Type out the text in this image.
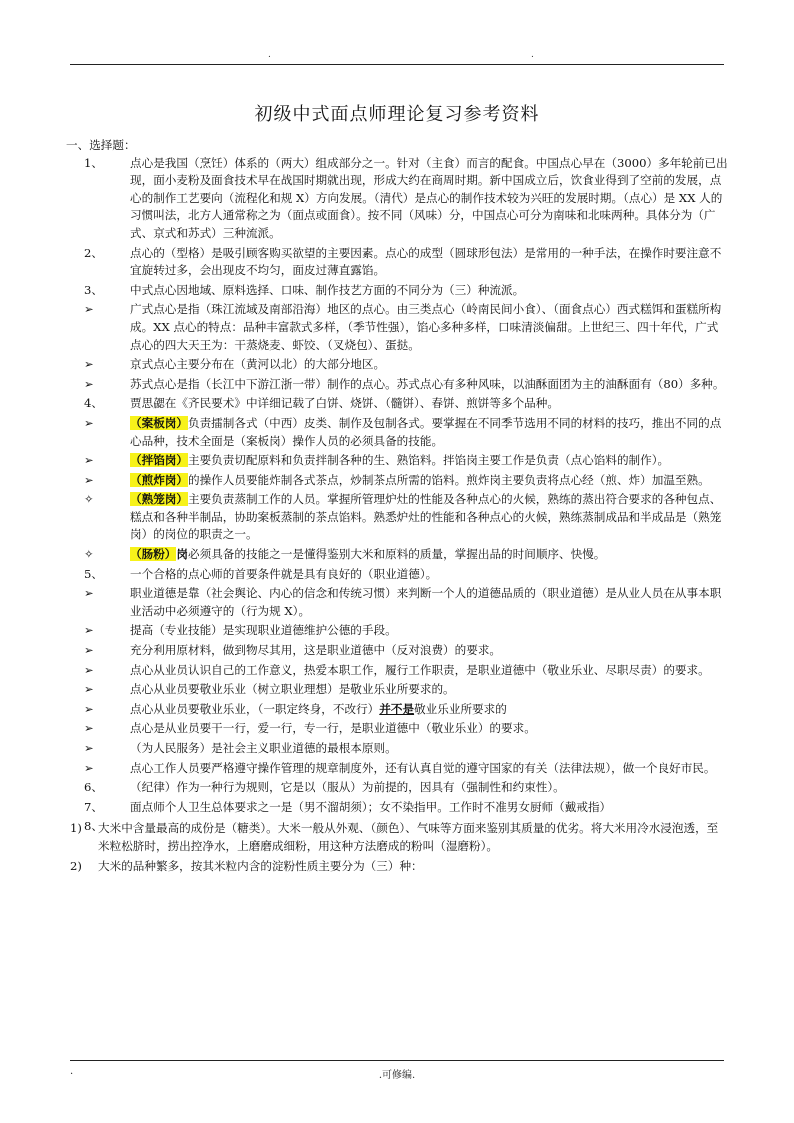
.	.
初级中式面点师理论复习参考资料
一、选择题：
1、 点心是我国（烹饪）体系的（两大）组成部分之一。针对（主食）而言的配食。中国点心早在（3000）多年轮前已出现，面小麦粉及面食技术早在战国时期就出现，形成大约在商周时期。新中国成立后，饮食业得到了空前的发展，点心的制作工艺要向（流程化和规 X）方向发展。（清代）是点心的制作技术较为兴旺的发展时期。（点心）是 XX 人的习惯叫法，北方人通常称之为（面点或面食）。按不同（风味）分，中国点心可分为南味和北味两种。具体分为（广式、京式和苏式）三种流派。
2、 点心的（型格）是吸引顾客购买欲望的主要因素。点心的成型（圆球形包法）是常用的一种手法，在操作时要注意不宜旋转过多，会出现皮不均匀，面皮过薄直露馅。
3、 中式点心因地域、原料选择、口味、制作技艺方面的不同分为（三）种流派。
➢	广式点心是指（珠江流域及南部沿海）地区的点心。由三类点心（岭南民间小食）、（面食点心）西式糕饵和蛋糕所构成。XX 点心的特点：品种丰富款式多样，（季节性强），馅心多种多样，口味清淡偏甜。上世纪三、四十年代，广式点心的四大天王为：干蒸烧麦、虾饺、（叉烧包）、蛋挞。
➢	京式点心主要分布在（黄河以北）的大部分地区。
➢	苏式点心是指（长江中下游江浙一带）制作的点心。苏式点心有多种风味，以油酥面团为主的油酥面有（80）多种。
4、 贾思勰在《齐民要术》中详细记载了白饼、烧饼、（髓饼）、春饼、煎饼等多个品种。
➢	（案板岗）负责擂制各式（中西）皮类、制作及包制各式。要掌握在不同季节选用不同的材料的技巧，推出不同的点心品种，技术全面是（案板岗）操作人员的必须具备的技能。
➢	（拌馅岗）主要负责切配原料和负责拌制各种的生、熟馅料。拌馅岗主要工作是负责（点心馅料的制作）。
➢	（煎炸岗）的操作人员要能炸制各式茶点，炒制茶点所需的馅料。煎炸岗主要负责将点心经（煎、炸）加温至熟。
✧	（熟笼岗）主要负责蒸制工作的人员。掌握所管理炉灶的性能及各种点心的火候，熟练的蒸出符合要求的各种包点、糕点和各种半制品，协助案板蒸制的茶点馅料。熟悉炉灶的性能和各种点心的火候，熟练蒸制成品和半成品是（熟笼岗）的岗位的职责之一。
✧	（肠粉）岗必须具备的技能之一是懂得鉴别大米和原料的质量，掌握出品的时间顺序、快慢。
5、 一个合格的点心师的首要条件就是具有良好的（职业道德）。
➢	职业道德是靠（社会舆论、内心的信念和传统习惯）来判断一个人的道德品质的（职业道德）是从业人员在从事本职业活动中必须遵守的（行为规 X）。
➢	提高（专业技能）是实现职业道德维护公德的手段。
➢	充分利用原材料，做到物尽其用，这是职业道德中（反对浪费）的要求。
➢	点心从业员认识自己的工作意义，热爱本职工作，履行工作职责，是职业道德中（敬业乐业、尽职尽责）的要求。
➢	点心从业员要敬业乐业（树立职业理想）是敬业乐业所要求的。
➢	点心从业员要敬业乐业，（一职定终身，不改行）并不是敬业乐业所要求的
➢	点心是从业员要干一行，爱一行，专一行，是职业道德中（敬业乐业）的要求。
➢	（为人民服务）是社会主义职业道德的最根本原则。
➢	点心工作人员要严格遵守操作管理的规章制度外，还有认真自觉的遵守国家的有关（法律法规），做一个良好市民。
6、 （纪律）作为一种行为规则，它是以（服从）为前提的，因具有（强制性和约束性）。
7、 面点师个人卫生总体要求之一是（男不溜胡须）；女不染指甲。工作时不准男女厨师（戴戒指）
8、
1) 大米中含量最高的成份是（糖类）。大米一般从外观、（颜色）、气味等方面来鉴别其质量的优劣。将大米用冷水浸泡透，至米粒松脐时，捞出控净水，上磨磨成细粉，用这种方法磨成的粉叫（湿磨粉）。
2) 大米的品种繁多，按其米粒内含的淀粉性质主要分为（三）种：
.	.可修编.
